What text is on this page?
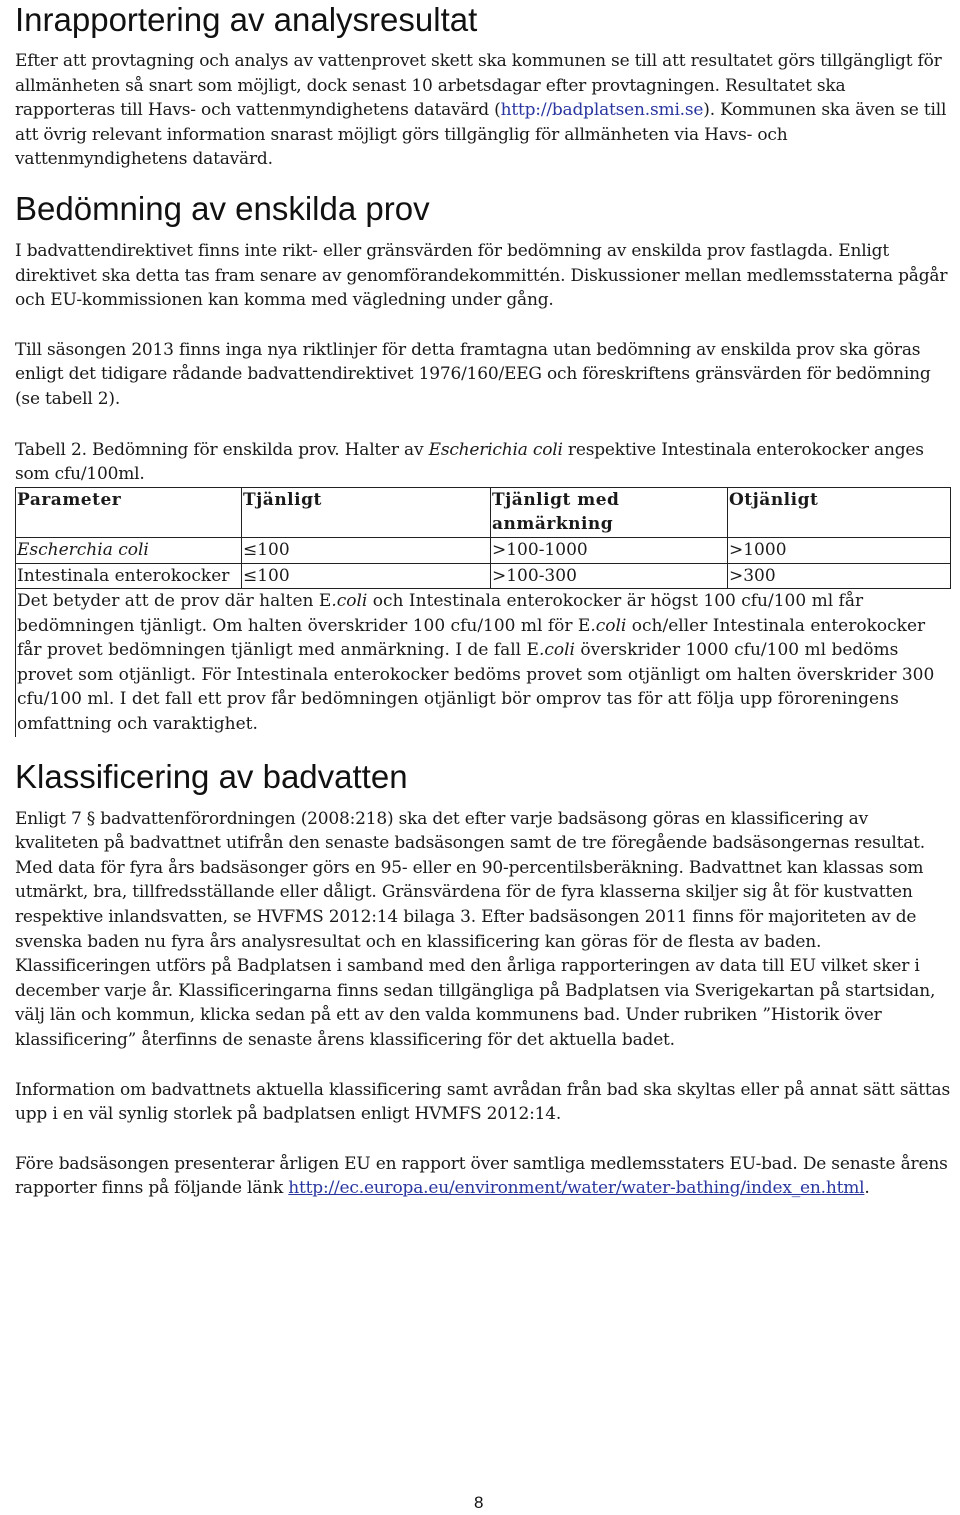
Inrapportering av analysresultat

Efter att provtagning och analys av vattenprovet skett ska kommunen se till att resultatet görs tillgängligt för allmänheten så snart som möjligt, dock senast 10 arbetsdagar efter provtagningen. Resultatet ska rapporteras till Havs- och vattenmyndighetens datavärd (http://badplatsen.smi.se). Kommunen ska även se till att övrig relevant information snarast möjligt görs tillgänglig för allmänheten via Havs- och vattenmyndighetens datavärd.

Bedömning av enskilda prov

I badvattendirektivet finns inte rikt- eller gränsvärden för bedömning av enskilda prov fastlagda. Enligt direktivet ska detta tas fram senare av genomförandekommittén. Diskussioner mellan medlemsstaterna pågår och EU-kommissionen kan komma med vägledning under gång.

Till säsongen 2013 finns inga nya riktlinjer för detta framtagna utan bedömning av enskilda prov ska göras enligt det tidigare rådande badvattendirektivet 1976/160/EEG och föreskriftens gränsvärden för bedömning (se tabell 2).

Tabell 2. Bedömning för enskilda prov. Halter av Escherichia coli respektive Intestinala enterokocker anges som cfu/100ml.

Parameter	Tjänligt	Tjänligt med anmärkning	Otjänligt
Escherchia coli	≤100	>100-1000	>1000
Intestinala enterokocker	≤100	>100-300	>300
Det betyder att de prov där halten E.coli och Intestinala enterokocker är högst 100 cfu/100 ml får bedömningen tjänligt. Om halten överskrider 100 cfu/100 ml för E.coli och/eller Intestinala enterokocker får provet bedömningen tjänligt med anmärkning. I de fall E.coli överskrider 1000 cfu/100 ml bedöms provet som otjänligt. För Intestinala enterokocker bedöms provet som otjänligt om halten överskrider 300 cfu/100 ml. I det fall ett prov får bedömningen otjänligt bör omprov tas för att följa upp föroreningens omfattning och varaktighet.			
Klassificering av badvatten

Enligt 7 § badvattenförordningen (2008:218) ska det efter varje badsäsong göras en klassificering av kvaliteten på badvattnet utifrån den senaste badsäsongen samt de tre föregående badsäsongernas resultat. Med data för fyra års badsäsonger görs en 95- eller en 90-percentilsberäkning. Badvattnet kan klassas som utmärkt, bra, tillfredsställande eller dåligt. Gränsvärdena för de fyra klasserna skiljer sig åt för kustvatten respektive inlandsvatten, se HVFMS 2012:14 bilaga 3. Efter badsäsongen 2011 finns för majoriteten av de svenska baden nu fyra års analysresultat och en klassificering kan göras för de flesta av baden. Klassificeringen utförs på Badplatsen i samband med den årliga rapporteringen av data till EU vilket sker i december varje år. Klassificeringarna finns sedan tillgängliga på Badplatsen via Sverigekartan på startsidan, välj län och kommun, klicka sedan på ett av den valda kommunens bad. Under rubriken ”Historik över klassificering” återfinns de senaste årens klassificering för det aktuella badet.

Information om badvattnets aktuella klassificering samt avrådan från bad ska skyltas eller på annat sätt sättas upp i en väl synlig storlek på badplatsen enligt HVMFS 2012:14.

Före badsäsongen presenterar årligen EU en rapport över samtliga medlemsstaters EU-bad. De senaste årens rapporter finns på följande länk http://ec.europa.eu/environment/water/water-bathing/index_en.html.

8
